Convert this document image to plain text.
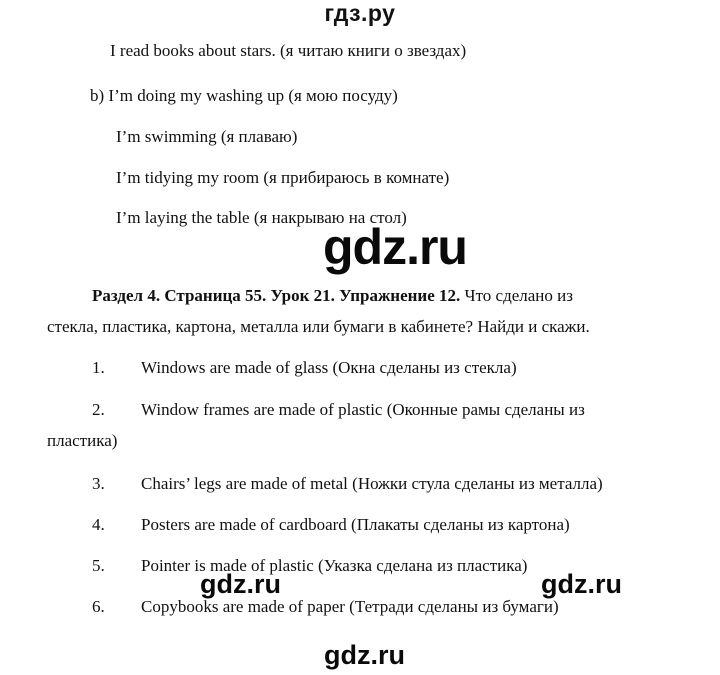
гдз.ру
I read books about stars. (я читаю книги о звездах)
b) I’m doing my washing up (я мою посуду)
I’m swimming (я плаваю)
I’m tidying my room (я прибираюсь в комнате)
I’m laying the table (я накрываю на стол)
gdz.ru
Раздел 4. Страница 55. Урок 21. Упражнение 12. Что сделано из
стекла, пластика, картона, металла или бумаги в кабинете? Найди и скажи.
1. Windows are made of glass (Окна сделаны из стекла)
2. Window frames are made of plastic (Оконные рамы сделаны из
пластика)
3. Chairs’ legs are made of metal (Ножки стула сделаны из металла)
4. Posters are made of cardboard (Плакаты сделаны из картона)
5. Pointer is made of plastic (Указка сделана из пластика)
gdz.ru	gdz.ru
6. Copybooks are made of paper (Тетради сделаны из бумаги)
gdz.ru
